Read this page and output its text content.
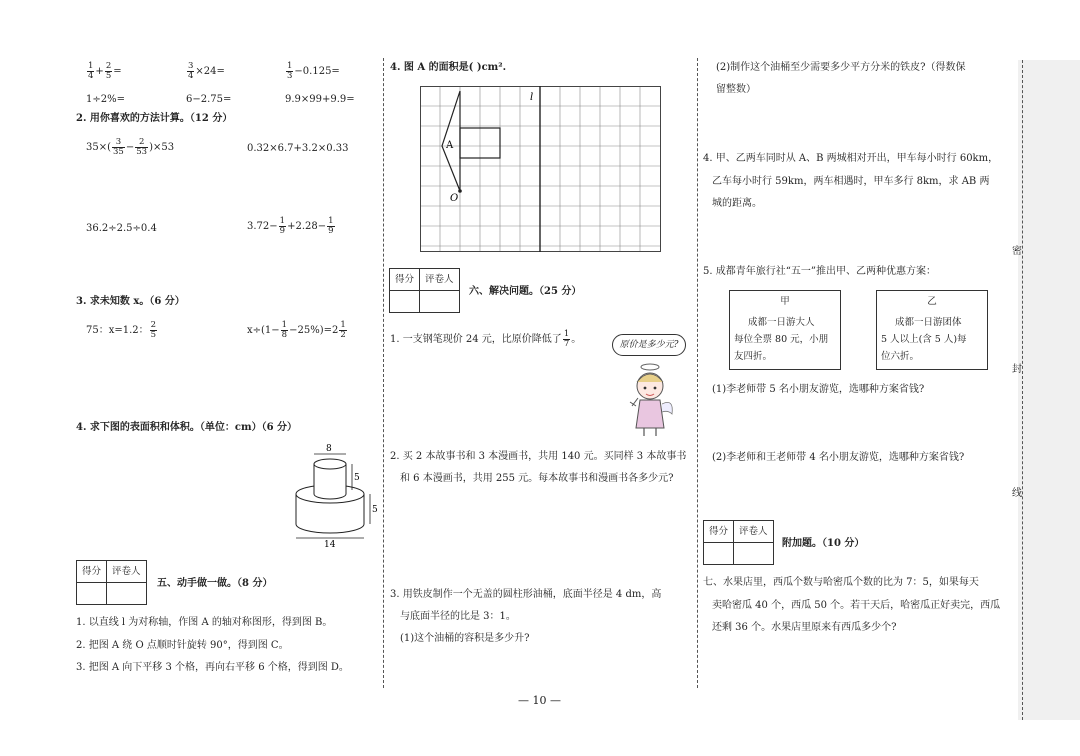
密
封
线
$\frac{1}{4} + \frac{2}{5}$ =	$\frac{3}{4} \times 24=$	$\frac{1}{3} -0.125=$
1÷2%=	6−2.75=	9.9×99+9.9=
2. 用你喜欢的方法计算。（12 分）
$35\times( \frac{3}{35} - \frac{2}{53} )\times 53$	0.32×6.7+3.2×0.33
36.2÷2.5÷0.4	$3.72- \frac{1}{9} +2.28- \frac{1}{9}$
3. 求未知数 x。（6 分）
75：x=1.2： $\frac{2}{5}$	$x\div(1- \frac{1}{8} -25\%)=2 \frac{1}{2}$
4. 求下图的表面积和体积。（单位：cm）（6 分）
8
5
5
14
得分	评卷人

五、动手做一做。（8 分）
1. 以直线 l 为对称轴，作图 A 的轴对称图形，得到图 B。
2. 把图 A 绕 O 点顺时针旋转 90°，得到图 C。
3. 把图 A 向下平移 3 个格，再向右平移 6 个格，得到图 D。
4. 图 A 的面积是( )cm².
l
A
O
得分	评卷人

六、解决问题。（25 分）
1. 一支钢笔现价 24 元，比原价降低了 $\frac{1}{7}$ 。
原价是多少元?
2. 买 2 本故事书和 3 本漫画书，共用 140 元。买同样 3 本故事书
和 6 本漫画书，共用 255 元。每本故事书和漫画书各多少元?
3. 用铁皮制作一个无盖的圆柱形油桶，底面半径是 4 dm，高
与底面半径的比是 3：1。
(1)这个油桶的容积是多少升?
(2)制作这个油桶至少需要多少平方分米的铁皮?（得数保
留整数）
4. 甲、乙两车同时从 A、B 两城相对开出，甲车每小时行 60km，
乙车每小时行 59km，两车相遇时，甲车多行 8km，求 AB 两
城的距离。
5. 成都青年旅行社“五一”推出甲、乙两种优惠方案：
甲
成都一日游大人
每位全票 80 元，小朋
友四折。
乙
成都一日游团体
5 人以上(含 5 人)每
位六折。
(1)李老师带 5 名小朋友游览，选哪种方案省钱?
(2)李老师和王老师带 4 名小朋友游览，选哪种方案省钱?
得分	评卷人

附加题。（10 分）
七、水果店里，西瓜个数与哈密瓜个数的比为 7：5，如果每天
卖哈密瓜 40 个，西瓜 50 个。若干天后，哈密瓜正好卖完，西瓜
还剩 36 个。水果店里原来有西瓜多少个?
— 10 —
